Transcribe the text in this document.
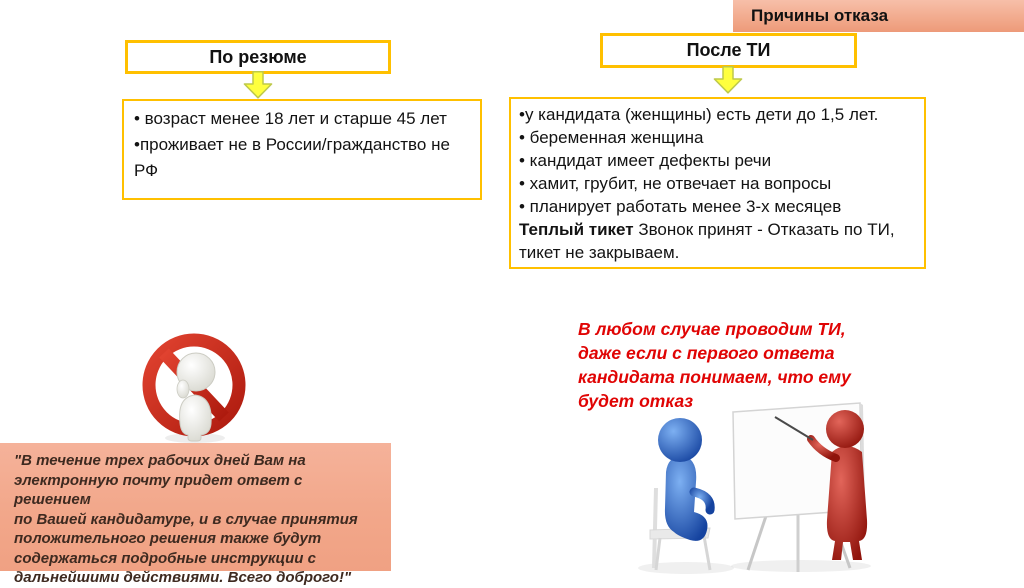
Причины отказа
По резюме	После ТИ
• возраст менее 18 лет и старше 45 лет
•проживает не в России/гражданство не РФ
•у кандидата (женщины) есть дети до 1,5 лет.
• беременная женщина
• кандидат имеет дефекты речи
• хамит, грубит, не отвечает на вопросы
• планирует работать менее 3-х месяцев
Теплый тикет Звонок принят - Отказать по ТИ, тикет не закрываем.
В любом случае проводим ТИ,
даже если с первого ответа
кандидата понимаем, что ему
будет отказ
"В течение трех рабочих дней Вам на
электронную почту придет ответ с решением
по Вашей кандидатуре, и в случае принятия
положительного решения также будут
содержаться подробные инструкции с
дальнейшими действиями. Всего доброго!"
